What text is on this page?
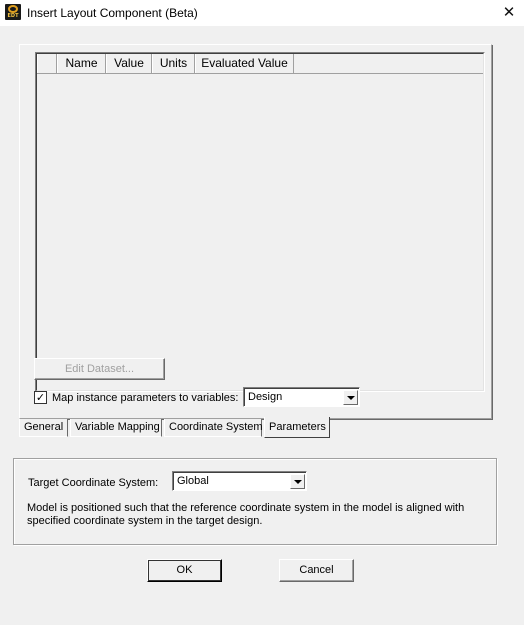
EDT Insert Layout Component (Beta)	✕
Name	Value	Units	Evaluated Value
Edit Dataset...
✓ Map instance parameters to variables: Design
General	Variable Mapping Coordinate System Parameters
Target Coordinate System: Global
Model is positioned such that the reference coordinate system in the model is aligned with specified coordinate system in the target design.
OK	Cancel
